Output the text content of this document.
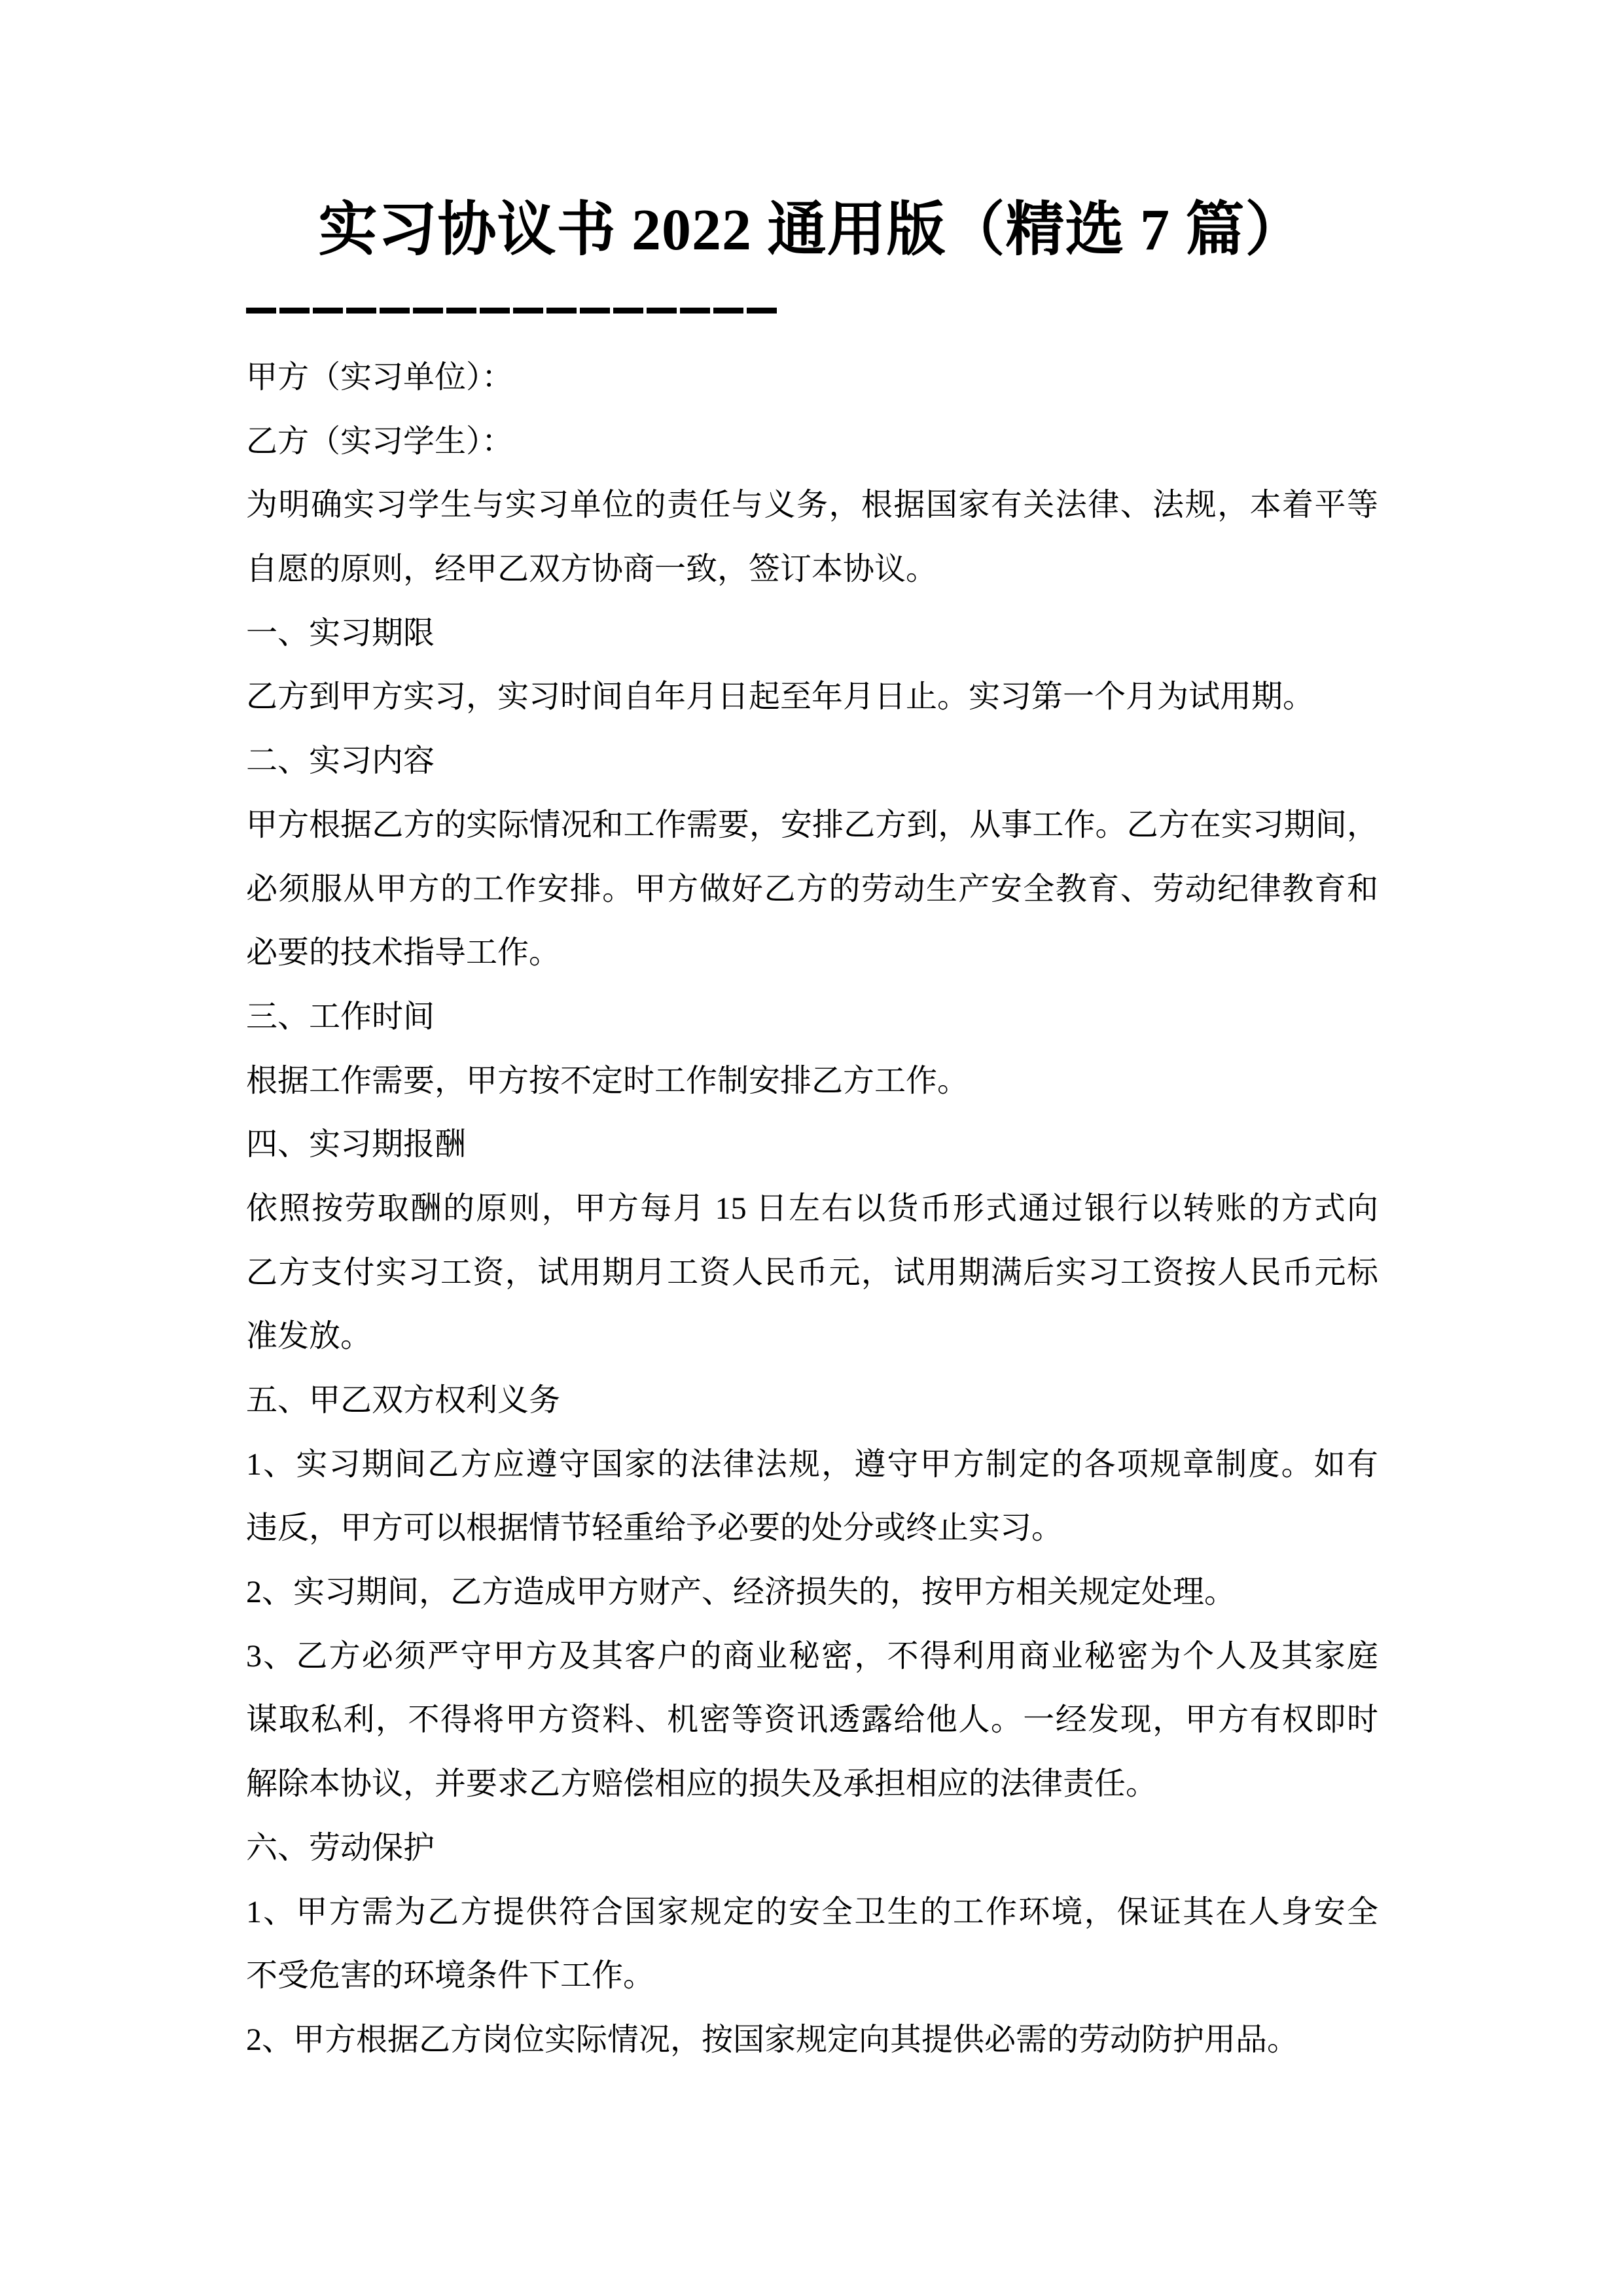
实习协议书 2022 通用版（精选 7 篇）
甲方（实习单位）：
乙方（实习学生）：
为明确实习学生与实习单位的责任与义务，根据国家有关法律、法规，本着平等
自愿的原则，经甲乙双方协商一致，签订本协议。
一、实习期限
乙方到甲方实习，实习时间自年月日起至年月日止。实习第一个月为试用期。
二、实习内容
甲方根据乙方的实际情况和工作需要，安排乙方到，从事工作。乙方在实习期间，
必须服从甲方的工作安排。甲方做好乙方的劳动生产安全教育、劳动纪律教育和
必要的技术指导工作。
三、工作时间
根据工作需要，甲方按不定时工作制安排乙方工作。
四、实习期报酬
依照按劳取酬的原则，甲方每月 15 日左右以货币形式通过银行以转账的方式向
乙方支付实习工资，试用期月工资人民币元，试用期满后实习工资按人民币元标
准发放。
五、甲乙双方权利义务
1、实习期间乙方应遵守国家的法律法规，遵守甲方制定的各项规章制度。如有
违反，甲方可以根据情节轻重给予必要的处分或终止实习。
2、实习期间，乙方造成甲方财产、经济损失的，按甲方相关规定处理。
3、乙方必须严守甲方及其客户的商业秘密，不得利用商业秘密为个人及其家庭
谋取私利，不得将甲方资料、机密等资讯透露给他人。一经发现，甲方有权即时
解除本协议，并要求乙方赔偿相应的损失及承担相应的法律责任。
六、劳动保护
1、甲方需为乙方提供符合国家规定的安全卫生的工作环境，保证其在人身安全
不受危害的环境条件下工作。
2、甲方根据乙方岗位实际情况，按国家规定向其提供必需的劳动防护用品。
